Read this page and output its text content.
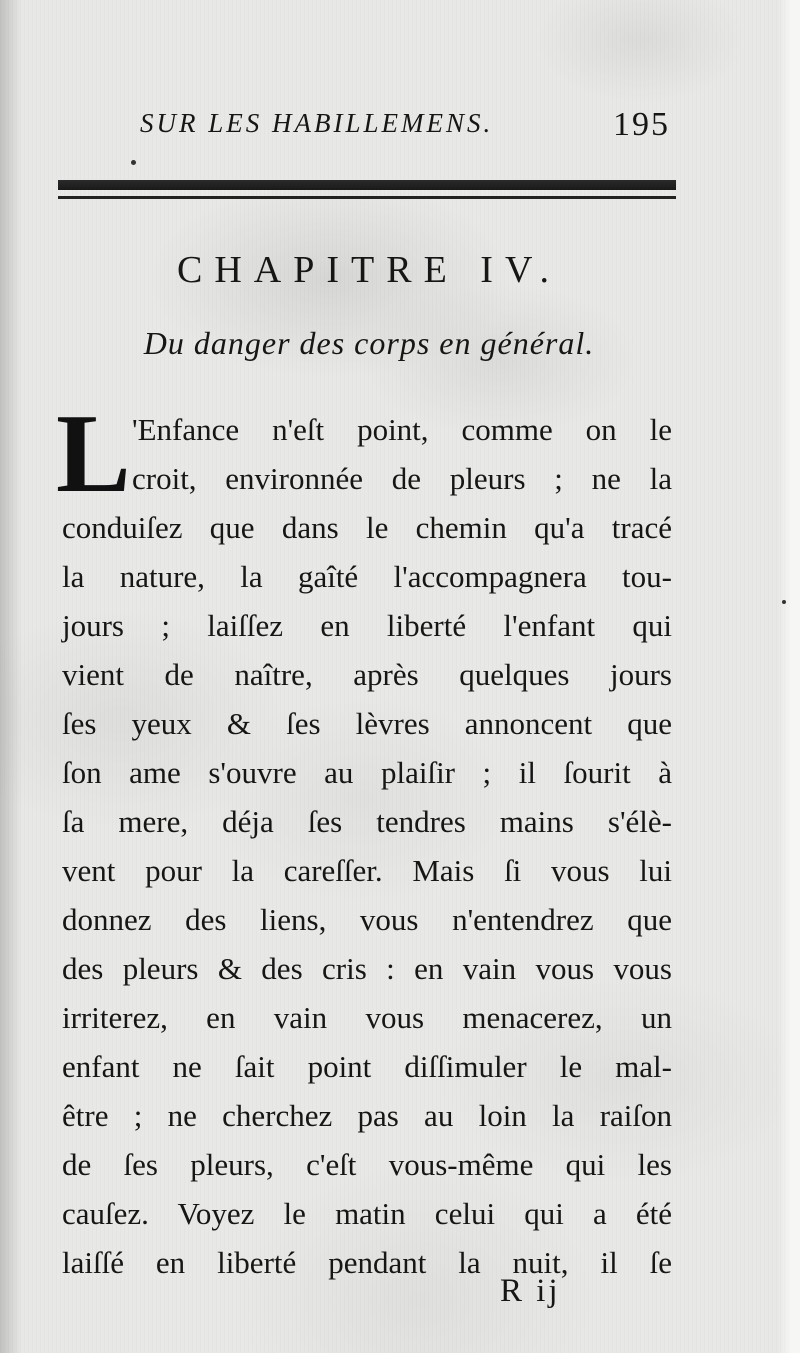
SUR LES HABILLEMENS.	195
CHAPITRE IV.
Du danger des corps en général.
L 'Enfance n'eſt point, comme on le
croit, environnée de pleurs ; ne la
conduiſez que dans le chemin qu'a tracé
la nature, la gaîté l'accompagnera tou-
jours ; laiſſez en liberté l'enfant qui
vient de naître, après quelques jours
ſes yeux & ſes lèvres annoncent que
ſon ame s'ouvre au plaiſir ; il ſourit à
ſa mere, déja ſes tendres mains s'élè-
vent pour la careſſer. Mais ſi vous lui
donnez des liens, vous n'entendrez que
des pleurs & des cris : en vain vous vous
irriterez, en vain vous menacerez, un
enfant ne ſait point diſſimuler le mal-
être ; ne cherchez pas au loin la raiſon
de ſes pleurs, c'eſt vous-même qui les
cauſez. Voyez le matin celui qui a été
laiſſé en liberté pendant la nuit, il ſe
R ij
